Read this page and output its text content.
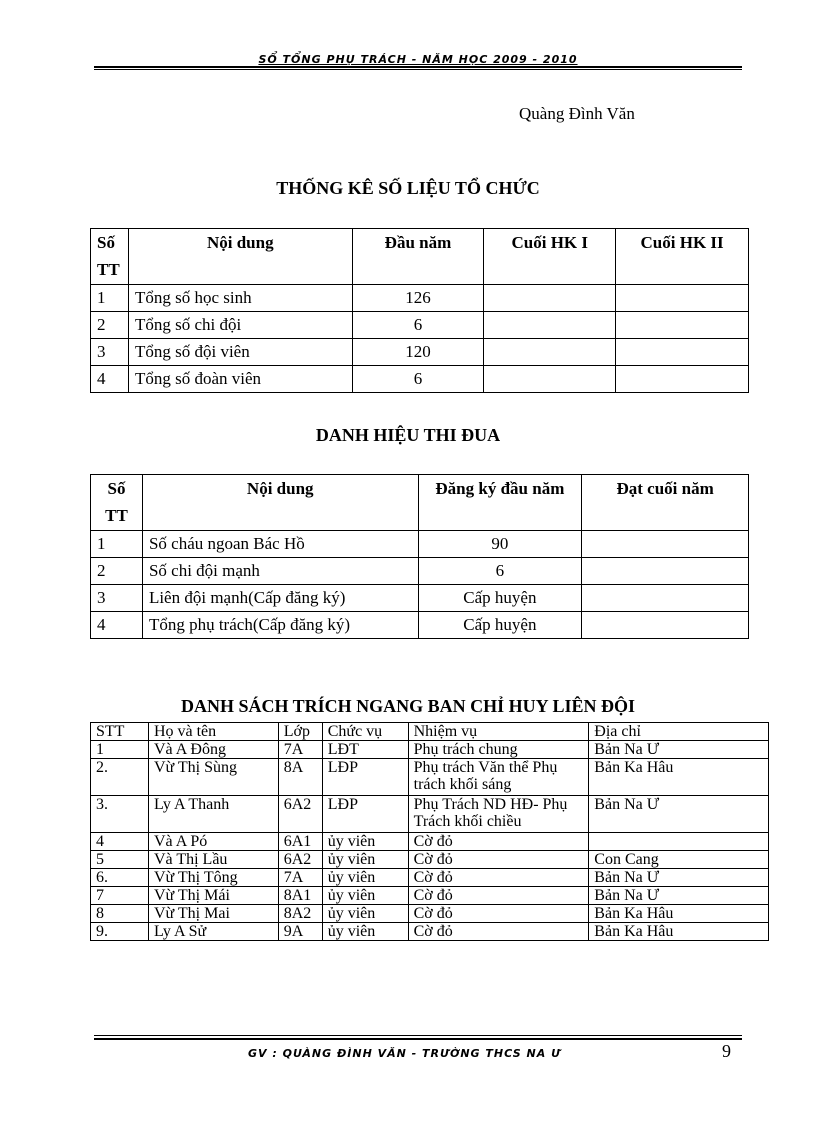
SỔ TỔNG PHỤ TRÁCH - NĂM HỌC 2009 - 2010
Quàng Đình Văn
THỐNG KÊ SỐ LIỆU TỔ CHỨC
Số TT	Nội dung	Đầu năm	Cuối HK I	Cuối HK II
1	Tổng số học sinh	126		
2	Tổng số chi đội	6		
3	Tổng số đội viên	120		
4	Tổng số đoàn viên	6		
DANH HIỆU THI ĐUA
Số TT	Nội dung	Đăng ký đầu năm	Đạt cuối năm
1	Số cháu ngoan Bác Hồ	90	
2	Số chi đội mạnh	6	
3	Liên đội mạnh(Cấp đăng ký)	Cấp huyện	
4	Tổng phụ trách(Cấp đăng ký)	Cấp huyện	
DANH SÁCH TRÍCH NGANG BAN CHỈ HUY LIÊN ĐỘI
STT	Họ và tên	Lớp	Chức vụ	Nhiệm vụ	Địa chỉ
1	Và A Đông	7A	LĐT	Phụ trách chung	Bản Na Ư
2.	Vừ Thị Sùng	8A	LĐP	Phụ trách Văn thể Phụ trách khối sáng	Bản Ka Hâu
3.	Ly A Thanh	6A2	LĐP	Phụ Trách ND HĐ- Phụ Trách khối chiều	Bản Na Ư
4	Và A Pó	6A1	ủy viên	Cờ đỏ	
5	Và Thị Lầu	6A2	ủy viên	Cờ đỏ	Con Cang
6.	Vừ Thị Tông	7A	ủy viên	Cờ đỏ	Bản Na Ư
7	Vừ Thị Mái	8A1	ủy viên	Cờ đỏ	Bản Na Ư
8	Vừ Thị Mai	8A2	ủy viên	Cờ đỏ	Bản Ka Hâu
9.	Ly A Sử	9A	ủy viên	Cờ đỏ	Bản Ka Hâu
GV : QUÀNG ĐÌNH VĂN - TRƯỜNG THCS NA Ư	9
